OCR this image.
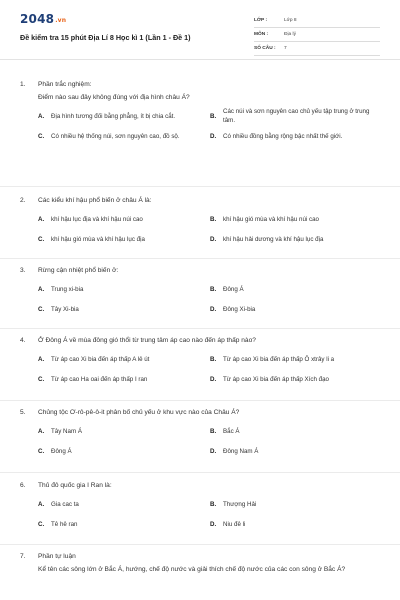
2048.vn
Đề kiểm tra 15 phút Địa Lí 8 Học kì 1 (Lần 1 - Đề 1)
LỚP :	Lớp 8
MÔN :	Địa lý
SỐ CÂU :	7
1.	Phần trắc nghiệm:
Điểm nào sau đây không đúng với địa hình châu Á?
A.	Địa hình tương đối bằng phẳng, ít bị chia cắt.	B.
Các núi và sơn nguyên cao chủ yếu tập trung ở trung tâm.
C.	Có nhiều hệ thống núi, sơn nguyên cao, đồ sộ.	D.	Có nhiều đồng bằng rộng bậc nhất thế giới.
2.	Các kiểu khí hậu phổ biến ở châu Á là:
A.	khí hậu lục địa và khí hậu núi cao	B.	khí hậu gió mùa và khí hậu núi cao
C.	khí hậu gió mùa và khí hậu lục địa	D.	khí hậu hải dương và khí hậu lục địa
3.	Rừng cận nhiệt phổ biến ở:
A.	Trung xi-bia	B.	Đông Á
C.	Tây Xi-bia	D.	Đông Xi-bia
4.	Ở Đông Á về mùa đông gió thổi từ trung tâm áp cao nào đến áp thấp nào?
A.	Từ áp cao Xi bia đến áp thấp A lê út	B.	Từ áp cao Xi bia đến áp thấp Ô xtrây li a
C.	Từ áp cao Ha oai đến áp thấp I ran	D.	Từ áp cao Xi bia đến áp thấp Xích đạo
5.	Chủng tộc Ơ-rô-pê-ô-it phân bố chủ yếu ở khu vực nào của Châu Á?
A.	Tây Nam Á	B.	Bắc Á
C.	Đông Á	D.	Đông Nam Á
6.	Thủ đô quốc gia I Ran là:
A.	Gia cac ta	B.	Thượng Hải
C.	Tê hê ran	D.	Niu đê li
7.	Phần tự luận
Kể tên các sông lớn ở Bắc Á, hướng, chế độ nước và giải thích chế độ nước của các con sông ở Bắc Á?
